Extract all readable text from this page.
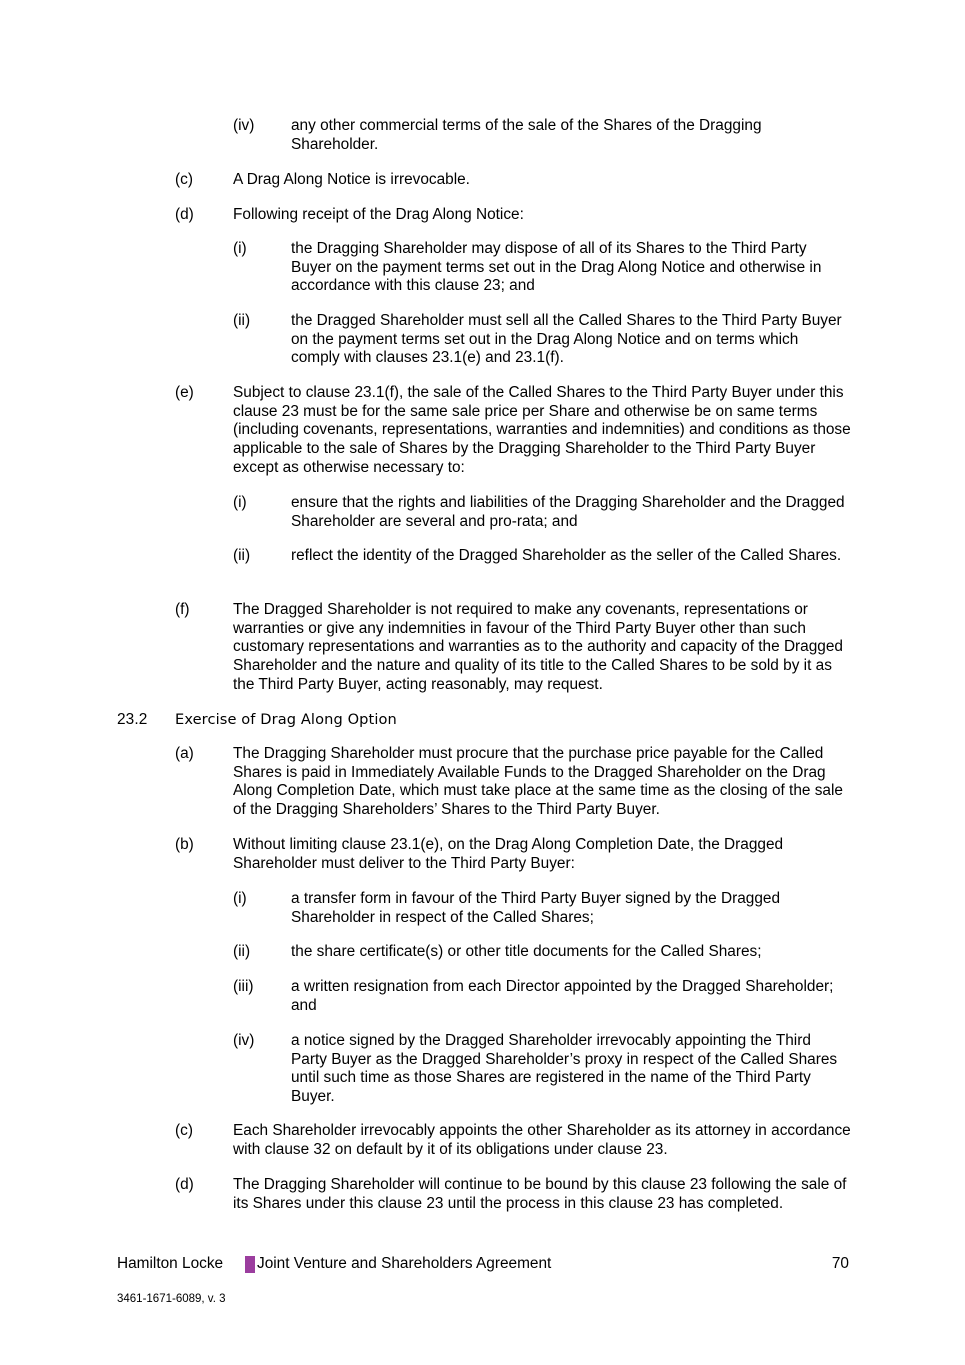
(iv) any other commercial terms of the sale of the Shares of the Dragging Shareholder.
(c)	A Drag Along Notice is irrevocable.
(d)	Following receipt of the Drag Along Notice:
(i)	the Dragging Shareholder may dispose of all of its Shares to the Third Party Buyer on the payment terms set out in the Drag Along Notice and otherwise in accordance with this clause 23; and
(ii)	the Dragged Shareholder must sell all the Called Shares to the Third Party Buyer on the payment terms set out in the Drag Along Notice and on terms which comply with clauses 23.1(e) and 23.1(f).
(e)	Subject to clause 23.1(f), the sale of the Called Shares to the Third Party Buyer under this clause 23 must be for the same sale price per Share and otherwise be on same terms (including covenants, representations, warranties and indemnities) and conditions as those applicable to the sale of Shares by the Dragging Shareholder to the Third Party Buyer except as otherwise necessary to:
(i)	ensure that the rights and liabilities of the Dragging Shareholder and the Dragged Shareholder are several and pro-rata; and
(ii)	reflect the identity of the Dragged Shareholder as the seller of the Called Shares.
(f)	The Dragged Shareholder is not required to make any covenants, representations or warranties or give any indemnities in favour of the Third Party Buyer other than such customary representations and warranties as to the authority and capacity of the Dragged Shareholder and the nature and quality of its title to the Called Shares to be sold by it as the Third Party Buyer, acting reasonably, may request.
23.2 Exercise of Drag Along Option
(a)	The Dragging Shareholder must procure that the purchase price payable for the Called Shares is paid in Immediately Available Funds to the Dragged Shareholder on the Drag Along Completion Date, which must take place at the same time as the closing of the sale of the Dragging Shareholders’ Shares to the Third Party Buyer.
(b)	Without limiting clause 23.1(e), on the Drag Along Completion Date, the Dragged Shareholder must deliver to the Third Party Buyer:
(i)	a transfer form in favour of the Third Party Buyer signed by the Dragged Shareholder in respect of the Called Shares;
(ii)	the share certificate(s) or other title documents for the Called Shares;
(iii) a written resignation from each Director appointed by the Dragged Shareholder; and
(iv) a notice signed by the Dragged Shareholder irrevocably appointing the Third Party Buyer as the Dragged Shareholder’s proxy in respect of the Called Shares until such time as those Shares are registered in the name of the Third Party Buyer.
(c)	Each Shareholder irrevocably appoints the other Shareholder as its attorney in accordance with clause 32 on default by it of its obligations under clause 23.
(d)	The Dragging Shareholder will continue to be bound by this clause 23 following the sale of its Shares under this clause 23 until the process in this clause 23 has completed.
Hamilton Locke Joint Venture and Shareholders Agreement	70
3461-1671-6089, v. 3
